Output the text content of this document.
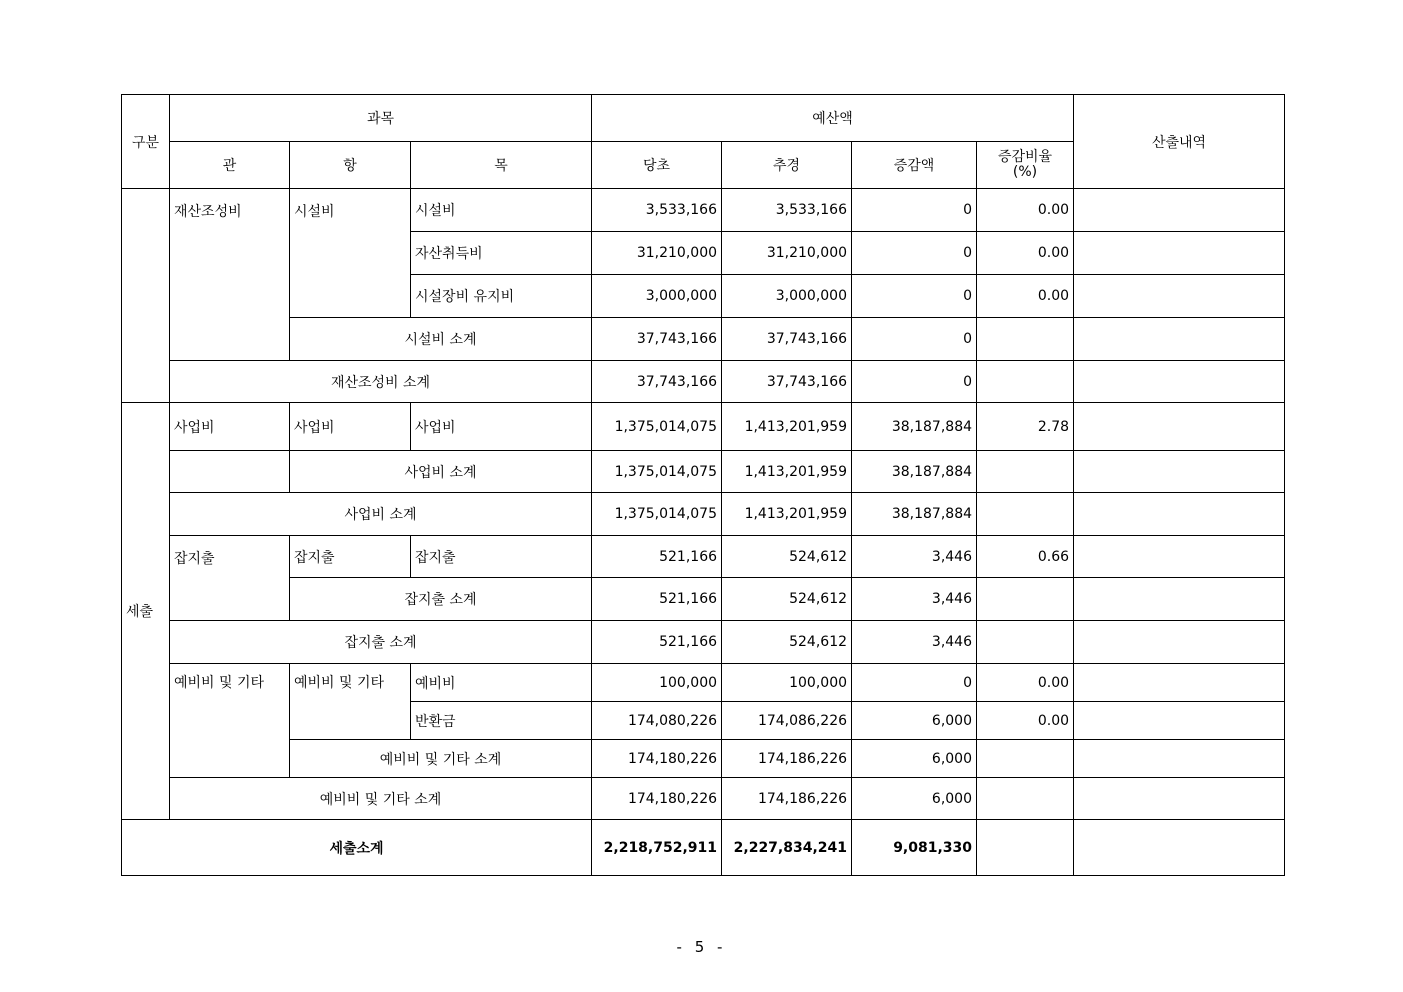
구분	과목			예산액				산출내역
	관	항	목	당초	추경	증감액	증감비율
(%)	
	재산조성비	시설비	시설비	3,533,166	3,533,166	0	0.00	
			자산취득비	31,210,000	31,210,000	0	0.00	
			시설장비 유지비	3,000,000	3,000,000	0	0.00	
		시설비 소계		37,743,166	37,743,166	0		
	재산조성비 소계			37,743,166	37,743,166	0		
세출	사업비	사업비	사업비	1,375,014,075	1,413,201,959	38,187,884	2.78	
		사업비 소계		1,375,014,075	1,413,201,959	38,187,884		
	사업비 소계			1,375,014,075	1,413,201,959	38,187,884		
	잡지출	잡지출	잡지출	521,166	524,612	3,446	0.66	
		잡지출 소계		521,166	524,612	3,446		
	잡지출 소계			521,166	524,612	3,446		
	예비비 및 기타	예비비 및 기타	예비비	100,000	100,000	0	0.00	
			반환금	174,080,226	174,086,226	6,000	0.00	
		예비비 및 기타 소계		174,180,226	174,186,226	6,000		
	예비비 및 기타 소계			174,180,226	174,186,226	6,000		
세출소계				2,218,752,911	2,227,834,241	9,081,330		
- 5 -
